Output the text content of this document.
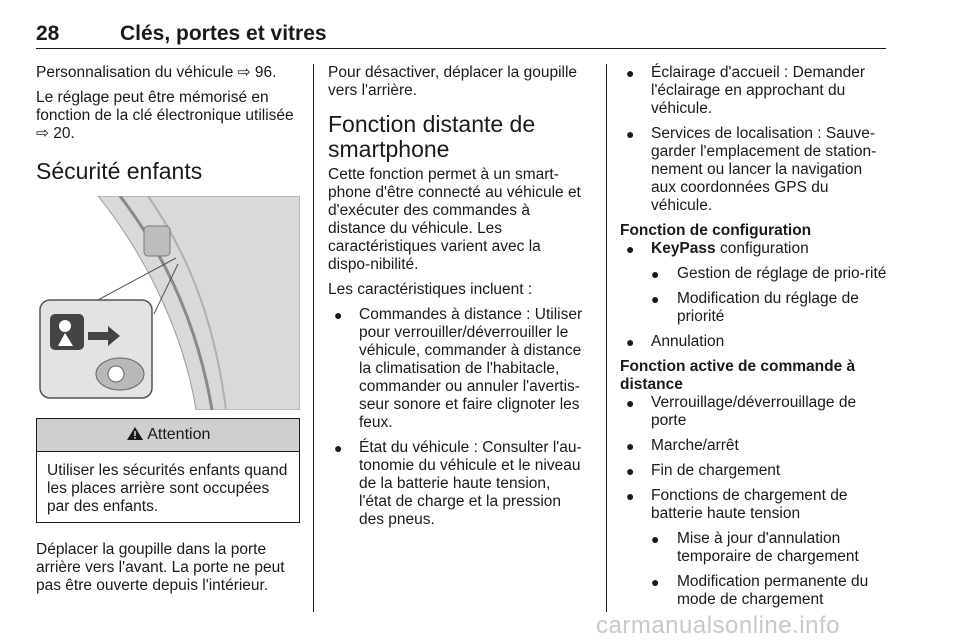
28	Clés, portes et vitres

Personnalisation du véhicule ⇨ 96.

Le réglage peut être mémorisé en fonction de la clé électronique utilisée ⇨ 20.

Sécurité enfants
Attention
Utiliser les sécurités enfants quand les places arrière sont occupées par des enfants.

Déplacer la goupille dans la porte arrière vers l'avant. La porte ne peut pas être ouverte depuis l'intérieur.

Pour désactiver, déplacer la goupille vers l'arrière.

Fonction distante de smartphone

Cette fonction permet à un smart-phone d'être connecté au véhicule et d'exécuter des commandes à distance du véhicule. Les caractéristiques varient avec la dispo-nibilité.

Les caractéristiques incluent :

● Commandes à distance : Utiliser pour verrouiller/déverrouiller le véhicule, commander à distance la climatisation de l'habitacle, commander ou annuler l'avertis-seur sonore et faire clignoter les feux.
● État du véhicule : Consulter l'au-tonomie du véhicule et le niveau de la batterie haute tension, l'état de charge et la pression des pneus.
● Éclairage d'accueil : Demander l'éclairage en approchant du véhicule.
● Services de localisation : Sauve-garder l'emplacement de station-nement ou lancer la navigation aux coordonnées GPS du véhicule.

Fonction de configuration

● KeyPass configuration
● Gestion de réglage de prio-rité
● Modification du réglage de priorité
● Annulation

Fonction active de commande à distance

● Verrouillage/déverrouillage de porte
● Marche/arrêt
● Fin de chargement
● Fonctions de chargement de batterie haute tension
● Mise à jour d'annulation temporaire de chargement
● Modification permanente du mode de chargement
carmanualsonline.info
